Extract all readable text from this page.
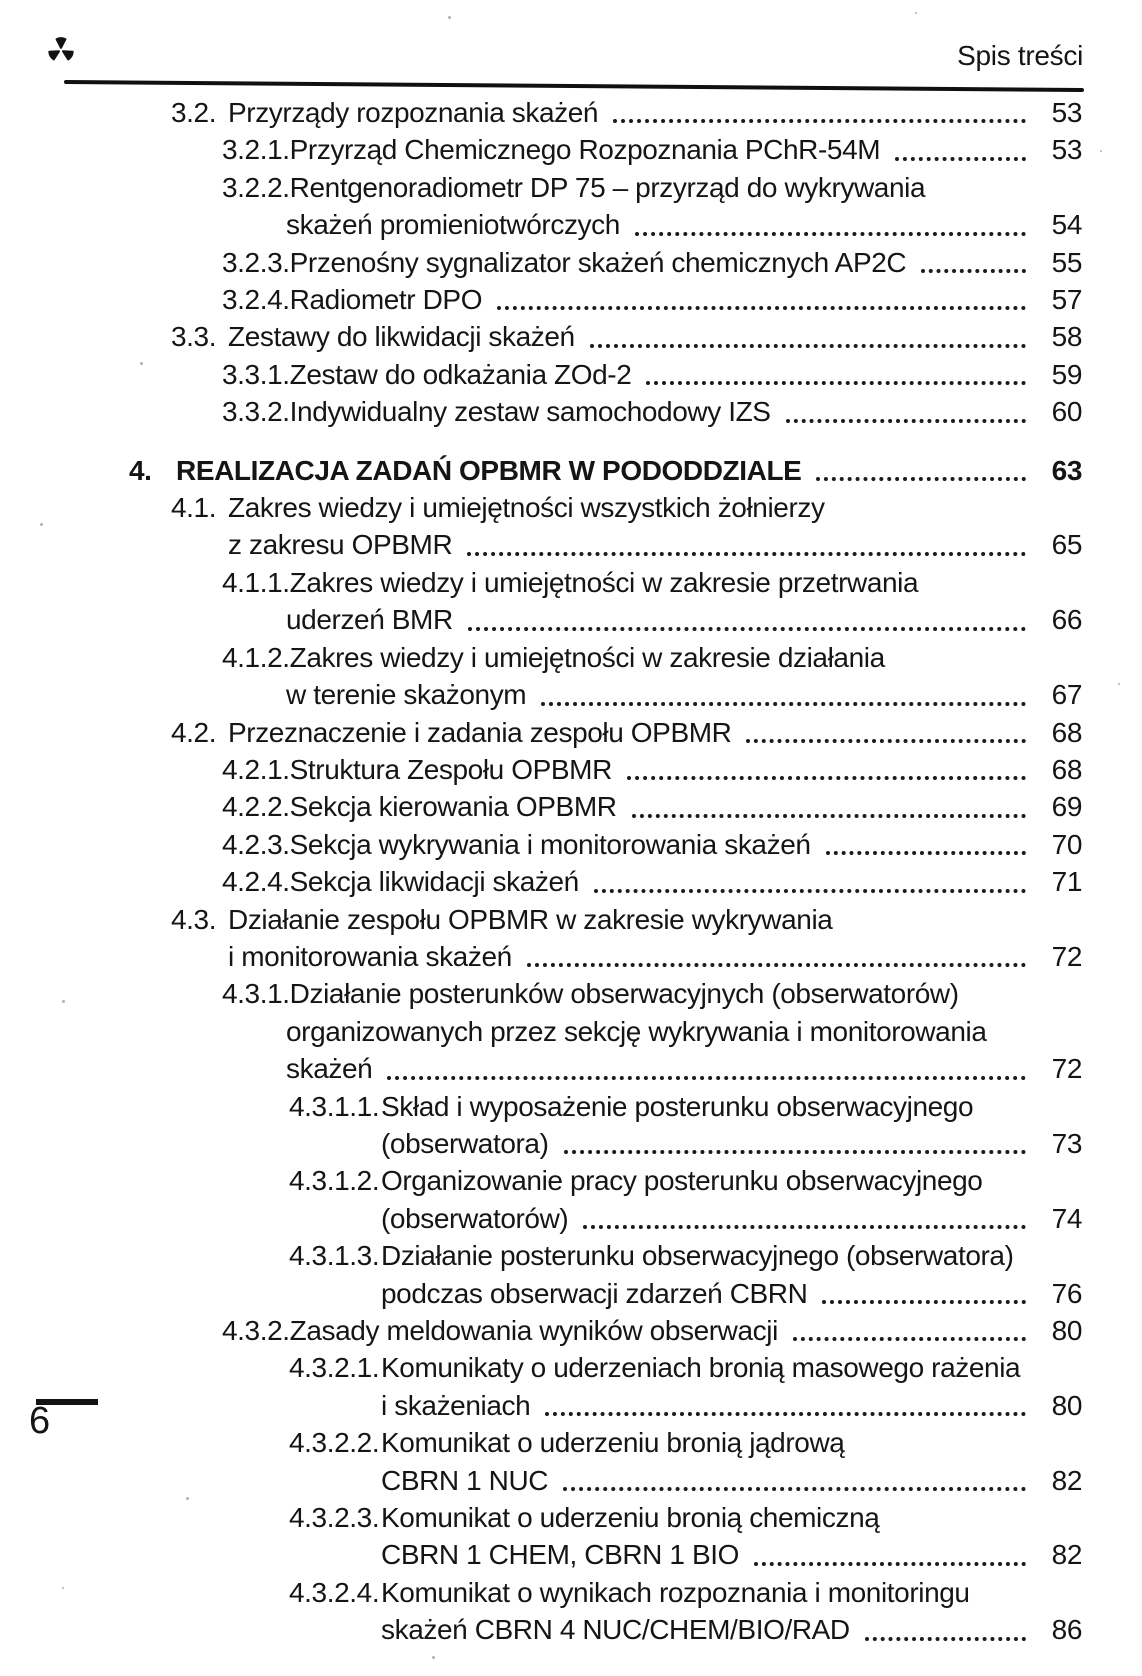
Spis treści
3.2. Przyrządy rozpoznania skażeń	53
3.2.1. Przyrząd Chemicznego Rozpoznania PChR-54M	53
3.2.2. Rentgenoradiometr DP 75 – przyrząd do wykrywania
skażeń promieniotwórczych	54
3.2.3. Przenośny sygnalizator skażeń chemicznych AP2C	55
3.2.4. Radiometr DPO	57
3.3. Zestawy do likwidacji skażeń	58
3.3.1. Zestaw do odkażania ZOd-2	59
3.3.2. Indywidualny zestaw samochodowy IZS	60
4. REALIZACJA ZADAŃ OPBMR W PODODDZIALE	63
4.1. Zakres wiedzy i umiejętności wszystkich żołnierzy
z zakresu OPBMR	65
4.1.1. Zakres wiedzy i umiejętności w zakresie przetrwania
uderzeń BMR	66
4.1.2. Zakres wiedzy i umiejętności w zakresie działania
w terenie skażonym	67
4.2. Przeznaczenie i zadania zespołu OPBMR	68
4.2.1. Struktura Zespołu OPBMR	68
4.2.2. Sekcja kierowania OPBMR	69
4.2.3. Sekcja wykrywania i monitorowania skażeń	70
4.2.4. Sekcja likwidacji skażeń	71
4.3. Działanie zespołu OPBMR w zakresie wykrywania
i monitorowania skażeń	72
4.3.1. Działanie posterunków obserwacyjnych (obserwatorów)
organizowanych przez sekcję wykrywania i monitorowania
skażeń	72
4.3.1.1. Skład i wyposażenie posterunku obserwacyjnego
(obserwatora)	73
4.3.1.2. Organizowanie pracy posterunku obserwacyjnego
(obserwatorów)	74
4.3.1.3. Działanie posterunku obserwacyjnego (obserwatora)
podczas obserwacji zdarzeń CBRN	76
4.3.2. Zasady meldowania wyników obserwacji	80
4.3.2.1. Komunikaty o uderzeniach bronią masowego rażenia
i skażeniach	80
4.3.2.2. Komunikat o uderzeniu bronią jądrową
CBRN 1 NUC	82
4.3.2.3. Komunikat o uderzeniu bronią chemiczną
CBRN 1 CHEM, CBRN 1 BIO	82
4.3.2.4. Komunikat o wynikach rozpoznania i monitoringu
skażeń CBRN 4 NUC/CHEM/BIO/RAD	86
6
